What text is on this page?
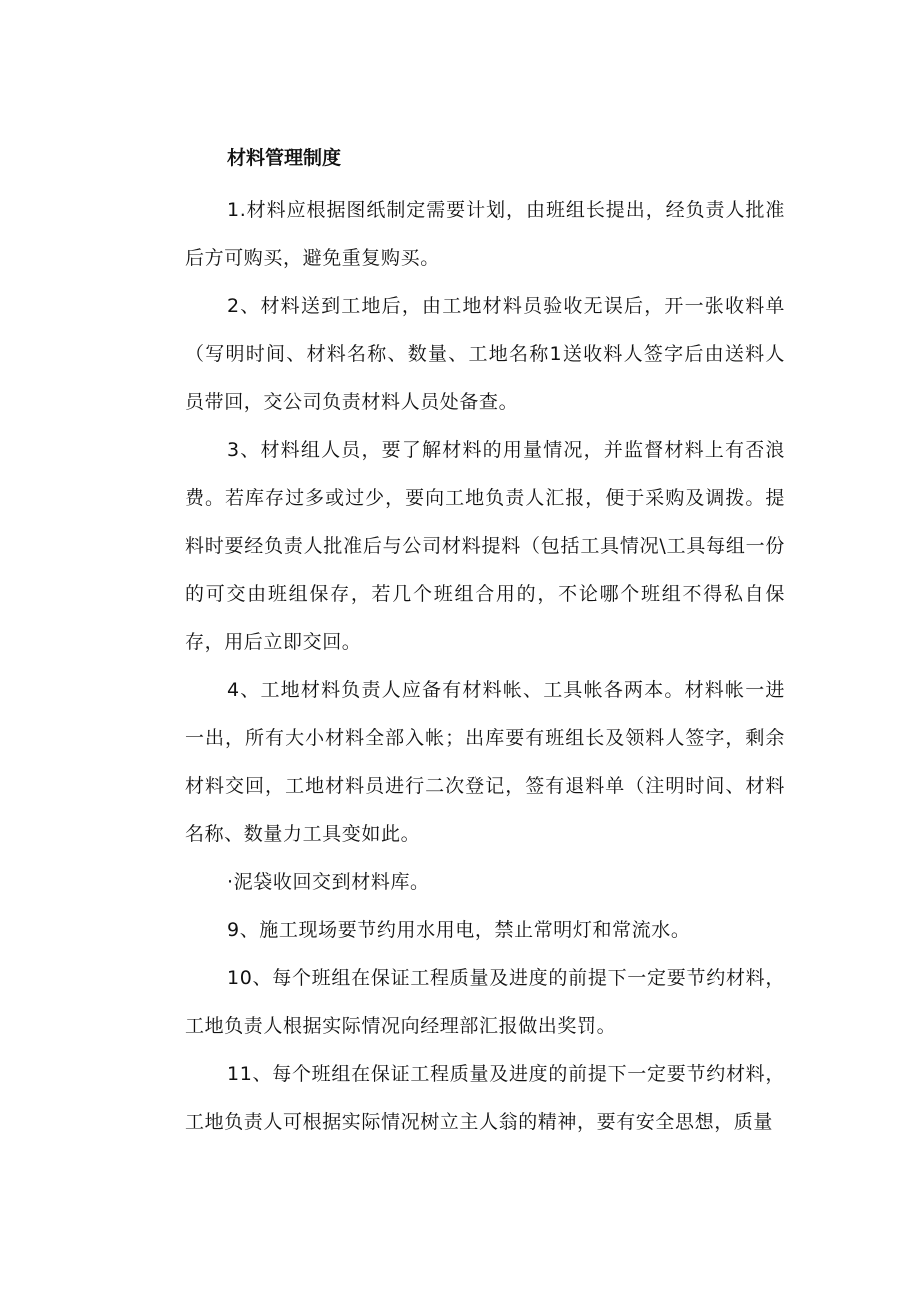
材料管理制度

1.材料应根据图纸制定需要计划，由班组长提出，经负责人批准后方可购买，避免重复购买。

2、材料送到工地后，由工地材料员验收无误后，开一张收料单（写明时间、材料名称、数量、工地名称1送收料人签字后由送料人员带回，交公司负责材料人员处备查。

3、材料组人员，要了解材料的用量情况，并监督材料上有否浪费。若库存过多或过少，要向工地负责人汇报，便于采购及调拨。提料时要经负责人批准后与公司材料提料（包括工具情况\工具每组一份的可交由班组保存，若几个班组合用的，不论哪个班组不得私自保存，用后立即交回。

4、工地材料负责人应备有材料帐、工具帐各两本。材料帐一进一出，所有大小材料全部入帐；出库要有班组长及领料人签字，剩余材料交回，工地材料员进行二次登记，签有退料单（注明时间、材料名称、数量力工具变如此。

·泥袋收回交到材料库。

9、施工现场要节约用水用电，禁止常明灯和常流水。

10、每个班组在保证工程质量及进度的前提下一定要节约材料，工地负责人根据实际情况向经理部汇报做出奖罚。

11、每个班组在保证工程质量及进度的前提下一定要节约材料，工地负责人可根据实际情况树立主人翁的精神，要有安全思想，质量
